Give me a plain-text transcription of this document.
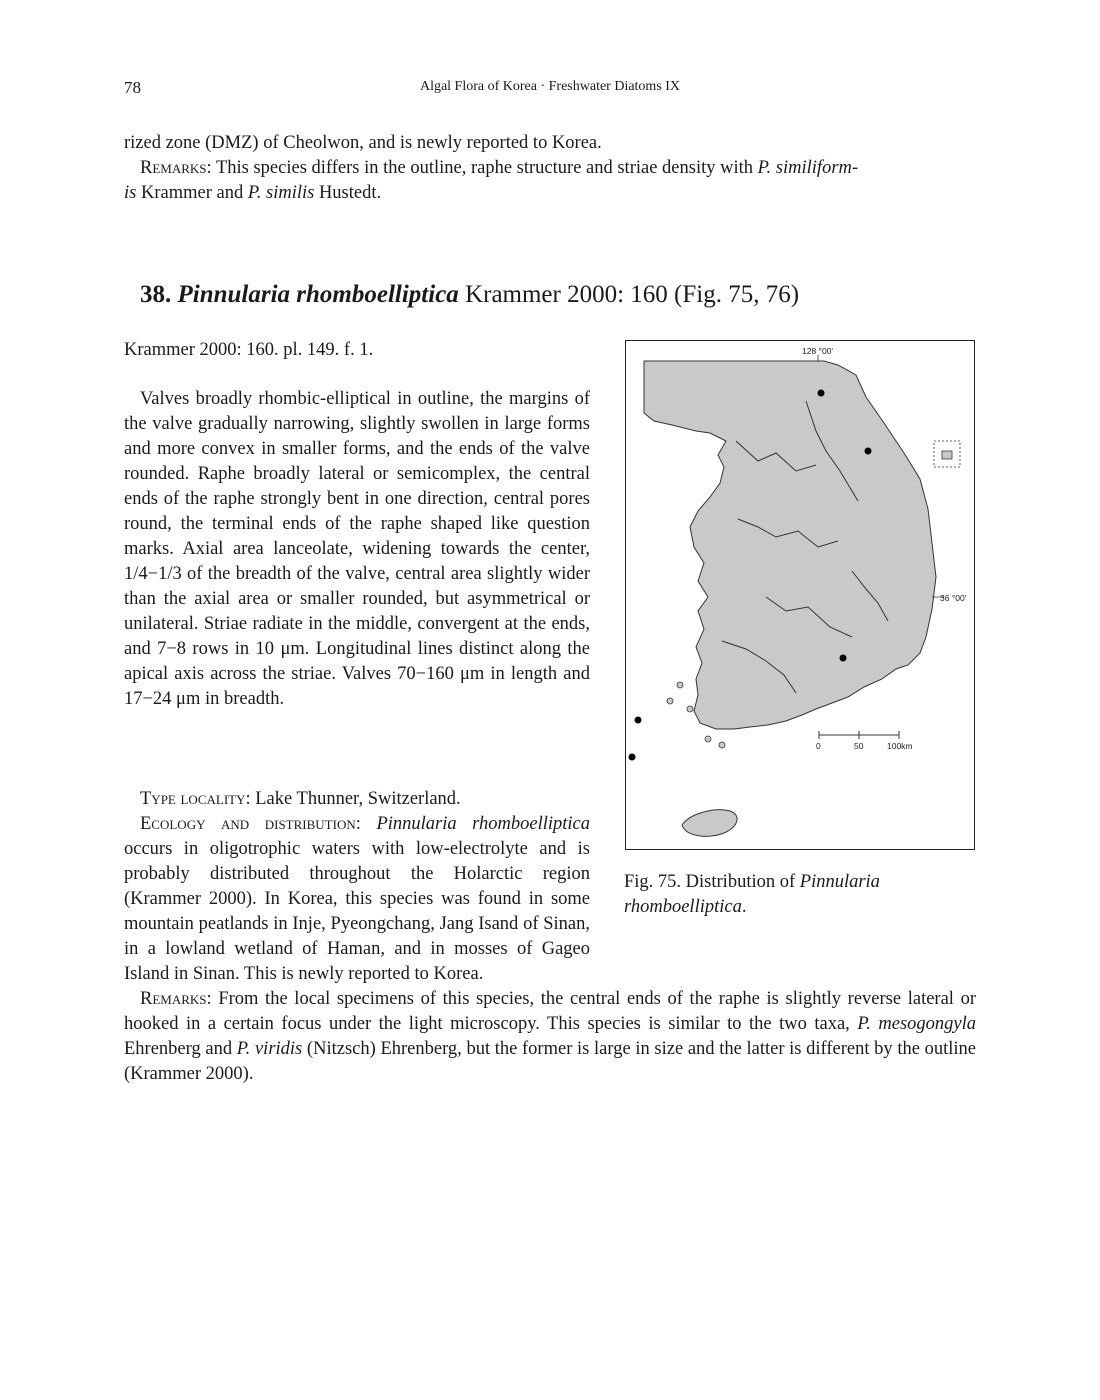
78	Algal Flora of Korea · Freshwater Diatoms IX

rized zone (DMZ) of Cheolwon, and is newly reported to Korea.

Remarks: This species differs in the outline, raphe structure and striae density with P. similiform-
is Krammer and P. similis Hustedt.

38. Pinnularia rhomboelliptica Krammer 2000: 160 (Fig. 75, 76)

Krammer 2000: 160. pl. 149. f. 1.

Valves broadly rhombic-elliptical in outline, the margins of the valve gradually narrowing, slightly swollen in large forms and more convex in smaller forms, and the ends of the valve rounded. Raphe broadly lateral or semicomplex, the central ends of the raphe strongly bent in one direction, central pores round, the terminal ends of the raphe shaped like question marks. Axial area lanceolate, widening towards the center, 1/4−1/3 of the breadth of the valve, central area slightly wider than the axial area or smaller rounded, but asymmetrical or unilateral. Striae radiate in the middle, convergent at the ends, and 7−8 rows in 10 μm. Longitudinal lines distinct along the apical axis across the striae. Valves 70−160 μm in length and 17−24 μm in breadth.

Type locality: Lake Thunner, Switzerland.

Ecology and distribution: Pinnularia rhomboelliptica occurs in oligotrophic waters with low-electrolyte and is probably distributed throughout the Holarctic region (Krammer 2000). In Korea, this species was found in some mountain peatlands in Inje, Pyeongchang, Jang Isand of Sinan, in a lowland wetland of Haman, and in mosses of Gageo Island in Sinan. This is newly reported to Korea.

Remarks: From the local specimens of this species, the central ends of the raphe is slightly reverse lateral or hooked in a certain focus under the light microscopy. This species is similar to the two taxa, P. mesogongyla Ehrenberg and P. viridis (Nitzsch) Ehrenberg, but the former is large in size and the latter is different by the outline (Krammer 2000).

128 °00'
36 °00'
0	50	100km

Fig. 75. Distribution of Pinnularia rhomboelliptica.
